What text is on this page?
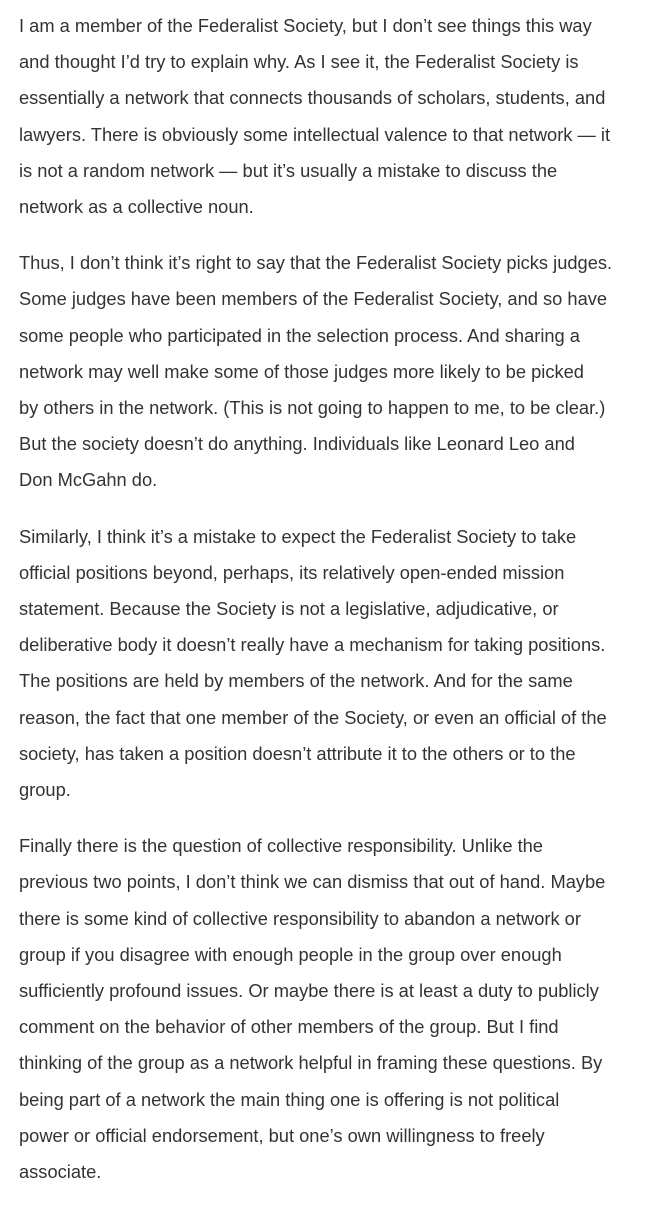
I am a member of the Federalist Society, but I don’t see things this way
and thought I’d try to explain why. As I see it, the Federalist Society is
essentially a network that connects thousands of scholars, students, and
lawyers. There is obviously some intellectual valence to that network — it
is not a random network — but it’s usually a mistake to discuss the
network as a collective noun.

Thus, I don’t think it’s right to say that the Federalist Society picks judges.
Some judges have been members of the Federalist Society, and so have
some people who participated in the selection process. And sharing a
network may well make some of those judges more likely to be picked
by others in the network. (This is not going to happen to me, to be clear.)
But the society doesn’t do anything. Individuals like Leonard Leo and
Don McGahn do.

Similarly, I think it’s a mistake to expect the Federalist Society to take
official positions beyond, perhaps, its relatively open-ended mission
statement. Because the Society is not a legislative, adjudicative, or
deliberative body it doesn’t really have a mechanism for taking positions.
The positions are held by members of the network. And for the same
reason, the fact that one member of the Society, or even an official of the
society, has taken a position doesn’t attribute it to the others or to the
group.

Finally there is the question of collective responsibility. Unlike the
previous two points, I don’t think we can dismiss that out of hand. Maybe
there is some kind of collective responsibility to abandon a network or
group if you disagree with enough people in the group over enough
sufficiently profound issues. Or maybe there is at least a duty to publicly
comment on the behavior of other members of the group. But I find
thinking of the group as a network helpful in framing these questions. By
being part of a network the main thing one is offering is not political
power or official endorsement, but one’s own willingness to freely
associate.
